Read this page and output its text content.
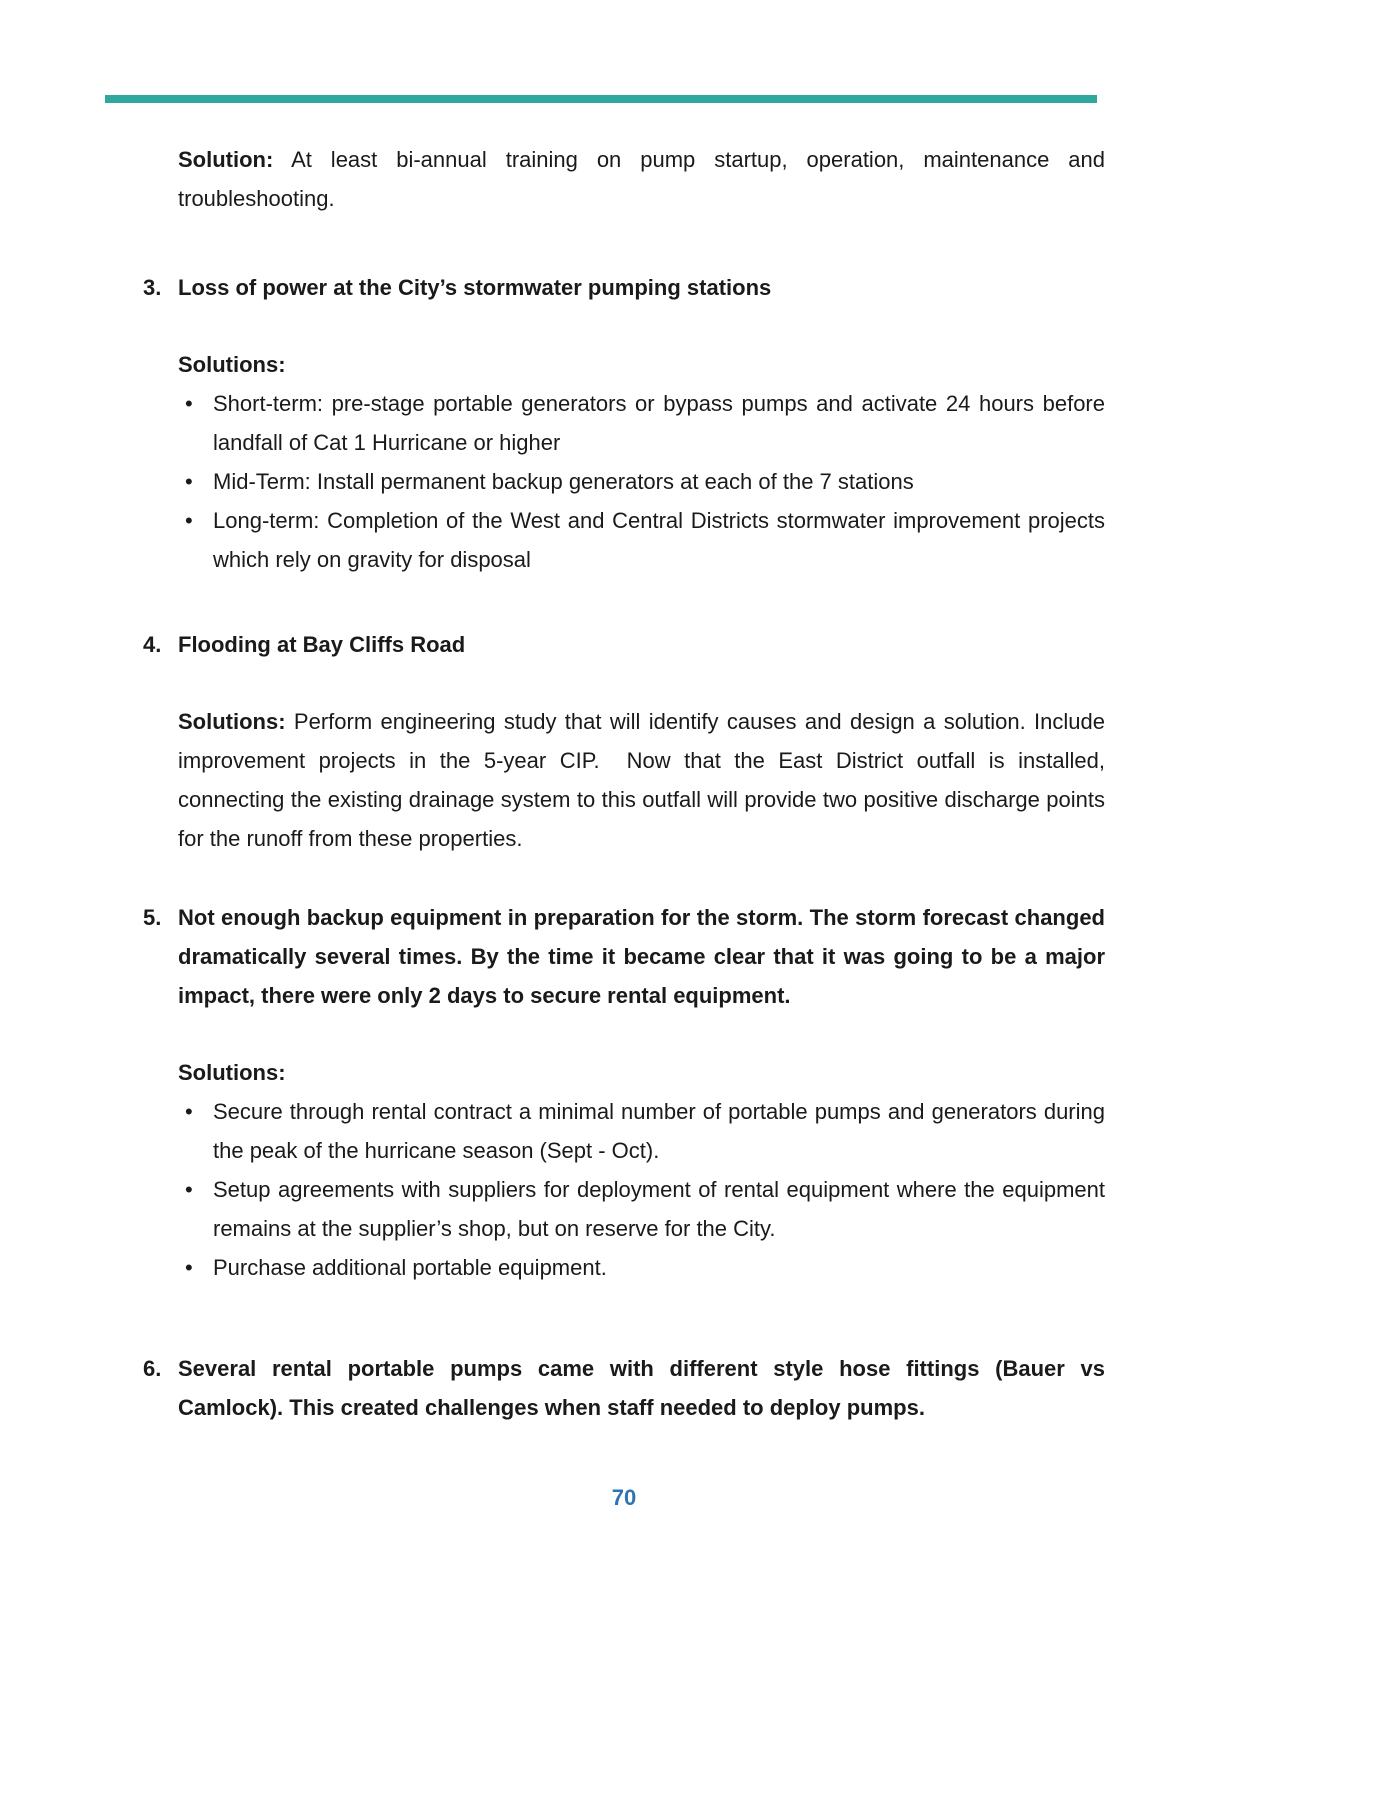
Solution: At least bi-annual training on pump startup, operation, maintenance and troubleshooting.

3. Loss of power at the City’s stormwater pumping stations

Solutions:

• Short-term: pre-stage portable generators or bypass pumps and activate 24 hours before landfall of Cat 1 Hurricane or higher
• Mid-Term: Install permanent backup generators at each of the 7 stations
• Long-term: Completion of the West and Central Districts stormwater improvement projects which rely on gravity for disposal

4. Flooding at Bay Cliffs Road

Solutions: Perform engineering study that will identify causes and design a solution. Include improvement projects in the 5-year CIP.  Now that the East District outfall is installed, connecting the existing drainage system to this outfall will provide two positive discharge points for the runoff from these properties.

5. Not enough backup equipment in preparation for the storm. The storm forecast changed dramatically several times. By the time it became clear that it was going to be a major impact, there were only 2 days to secure rental equipment.

Solutions:

• Secure through rental contract a minimal number of portable pumps and generators during the peak of the hurricane season (Sept - Oct).
• Setup agreements with suppliers for deployment of rental equipment where the equipment remains at the supplier’s shop, but on reserve for the City.
• Purchase additional portable equipment.

6. Several rental portable pumps came with different style hose fittings (Bauer vs Camlock). This created challenges when staff needed to deploy pumps.

70
